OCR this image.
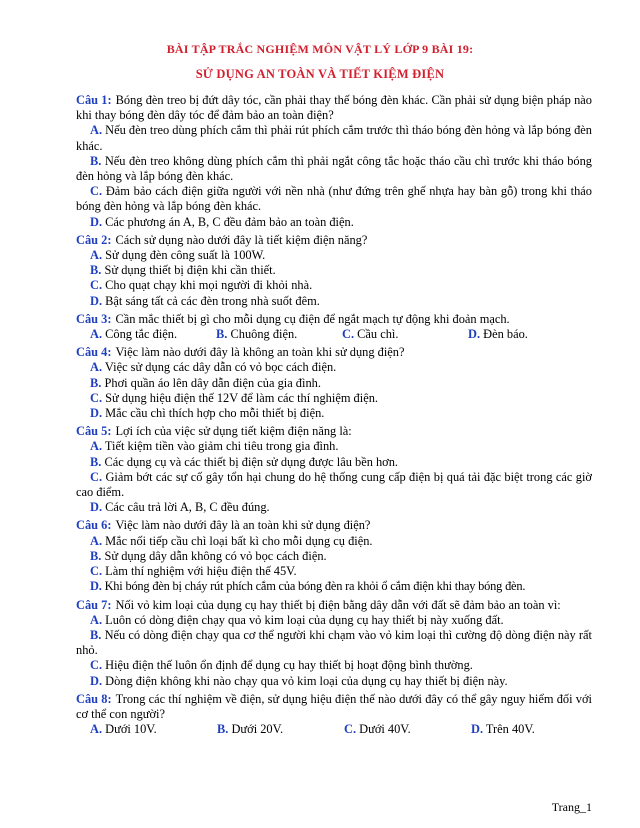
BÀI TẬP TRẮC NGHIỆM MÔN VẬT LÝ LỚP 9 BÀI 19:
SỬ DỤNG AN TOÀN VÀ TIẾT KIỆM ĐIỆN
Câu 1: Bóng đèn treo bị đứt dây tóc, cần phải thay thế bóng đèn khác. Cần phải sử dụng biện pháp nào khi thay bóng đèn dây tóc để đảm bảo an toàn điện?
A. Nếu đèn treo dùng phích cắm thì phải rút phích cắm trước thì tháo bóng đèn hỏng và lắp bóng đèn khác.
B. Nếu đèn treo không dùng phích cắm thì phải ngắt công tắc hoặc tháo cầu chì trước khi tháo bóng đèn hỏng và lắp bóng đèn khác.
C. Đảm bảo cách điện giữa người với nền nhà (như đứng trên ghế nhựa hay bàn gỗ) trong khi tháo bóng đèn hỏng và lắp bóng đèn khác.
D. Các phương án A, B, C đều đảm bảo an toàn điện.
Câu 2: Cách sử dụng nào dưới đây là tiết kiệm điện năng?
A. Sử dụng đèn công suất là 100W.
B. Sử dụng thiết bị điện khi cần thiết.
C. Cho quạt chạy khi mọi người đi khỏi nhà.
D. Bật sáng tất cả các đèn trong nhà suốt đêm.
Câu 3: Cần mắc thiết bị gì cho mỗi dụng cụ điện để ngắt mạch tự động khi đoản mạch.
A. Công tắc điện.	B. Chuông điện.	C. Cầu chì.	D. Đèn báo.
Câu 4: Việc làm nào dưới đây là không an toàn khi sử dụng điện?
A. Việc sử dụng các dây dẫn có vỏ bọc cách điện.
B. Phơi quần áo lên dây dẫn điện của gia đình.
C. Sử dụng hiệu điện thế 12V để làm các thí nghiệm điện.
D. Mắc cầu chì thích hợp cho mỗi thiết bị điện.
Câu 5: Lợi ích của việc sử dụng tiết kiệm điện năng là:
A. Tiết kiệm tiền vào giảm chi tiêu trong gia đình.
B. Các dụng cụ và các thiết bị điện sử dụng được lâu bền hơn.
C. Giảm bớt các sự cố gây tổn hại chung do hệ thống cung cấp điện bị quá tải đặc biệt trong các giờ cao điểm.
D. Các câu trả lời A, B, C đều đúng.
Câu 6: Việc làm nào dưới đây là an toàn khi sử dụng điện?
A. Mắc nối tiếp cầu chì loại bất kì cho mỗi dụng cụ điện.
B. Sử dụng dây dẫn không có vỏ bọc cách điện.
C. Làm thí nghiệm với hiệu điện thế 45V.
D. Khi bóng đèn bị cháy rút phích cắm của bóng đèn ra khỏi ổ cắm điện khi thay bóng đèn.
Câu 7: Nối vỏ kim loại của dụng cụ hay thiết bị điện bằng dây dẫn với đất sẽ đảm bảo an toàn vì:
A. Luôn có dòng điện chạy qua vỏ kim loại của dụng cụ hay thiết bị này xuống đất.
B. Nếu có dòng điện chạy qua cơ thể người khi chạm vào vỏ kim loại thì cường độ dòng điện này rất nhỏ.
C. Hiệu điện thế luôn ổn định để dụng cụ hay thiết bị hoạt động bình thường.
D. Dòng điện không khi nào chạy qua vỏ kim loại của dụng cụ hay thiết bị điện này.
Câu 8: Trong các thí nghiệm về điện, sử dụng hiệu điện thế nào dưới đây có thể gây nguy hiểm đối với cơ thể con người?
A. Dưới 10V.	B. Dưới 20V.	C. Dưới 40V.	D. Trên 40V.
Trang_1
